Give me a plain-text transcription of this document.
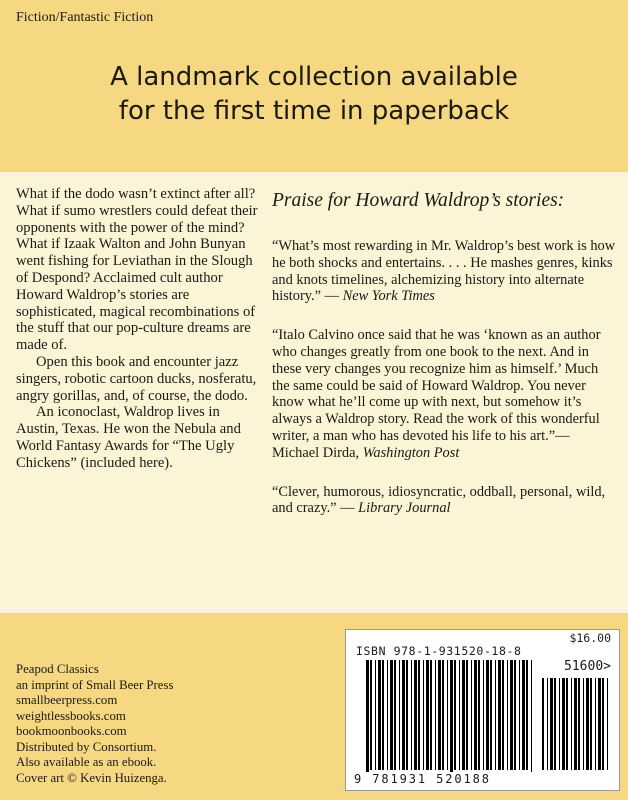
Fiction/Fantastic Fiction
A landmark collection available
for the first time in paperback

What if the dodo wasn’t extinct after all? What if sumo wrestlers could defeat their opponents with the power of the mind? What if Izaak Walton and John Bunyan went fishing for Leviathan in the Slough of Despond? Acclaimed cult author Howard Waldrop’s stories are sophisticated, magical recombinations of the stuff that our pop-culture dreams are made of.

Open this book and encounter jazz singers, robotic cartoon ducks, nosferatu, angry gorillas, and, of course, the dodo.

An iconoclast, Waldrop lives in Austin, Texas. He won the Nebula and World Fantasy Awards for “The Ugly Chickens” (included here).

Praise for Howard Waldrop’s stories:
“What’s most rewarding in Mr. Waldrop’s best work is how he both shocks and entertains. . . . He mashes genres, kinks and knots timelines, alchemizing history into alternate history.” — New York Times
“Italo Calvino once said that he was ‘known as an author who changes greatly from one book to the next. And in these very changes you recognize him as himself.’ Much the same could be said of Howard Waldrop. You never know what he’ll come up with next, but somehow it’s always a Waldrop story. Read the work of this wonderful writer, a man who has devoted his life to his art.”— Michael Dirda, Washington Post
“Clever, humorous, idiosyncratic, oddball, personal, wild, and crazy.” — Library Journal
Peapod Classics
an imprint of Small Beer Press
smallbeerpress.com
weightlessbooks.com
bookmoonbooks.com
Distributed by Consortium.
Also available as an ebook.
Cover art © Kevin Huizenga.
$16.00
ISBN 978-1-931520-18-8
51600>
9 781931 520188
